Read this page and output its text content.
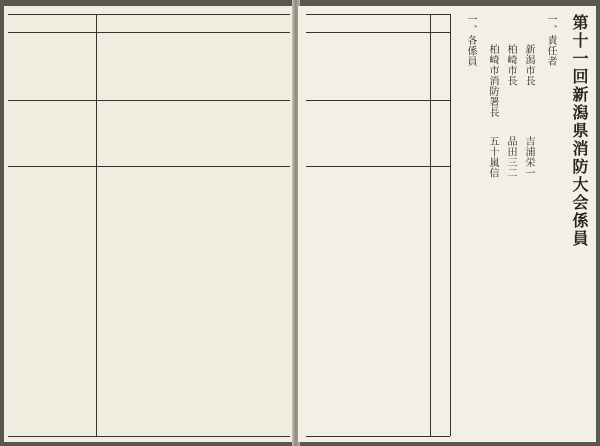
第十一回新潟県消防大会係員
一、責任者
新潟市長
吉浦栄一
柏崎市長
品田三二
柏崎市消防署長
五十嵐信
一、各係員
